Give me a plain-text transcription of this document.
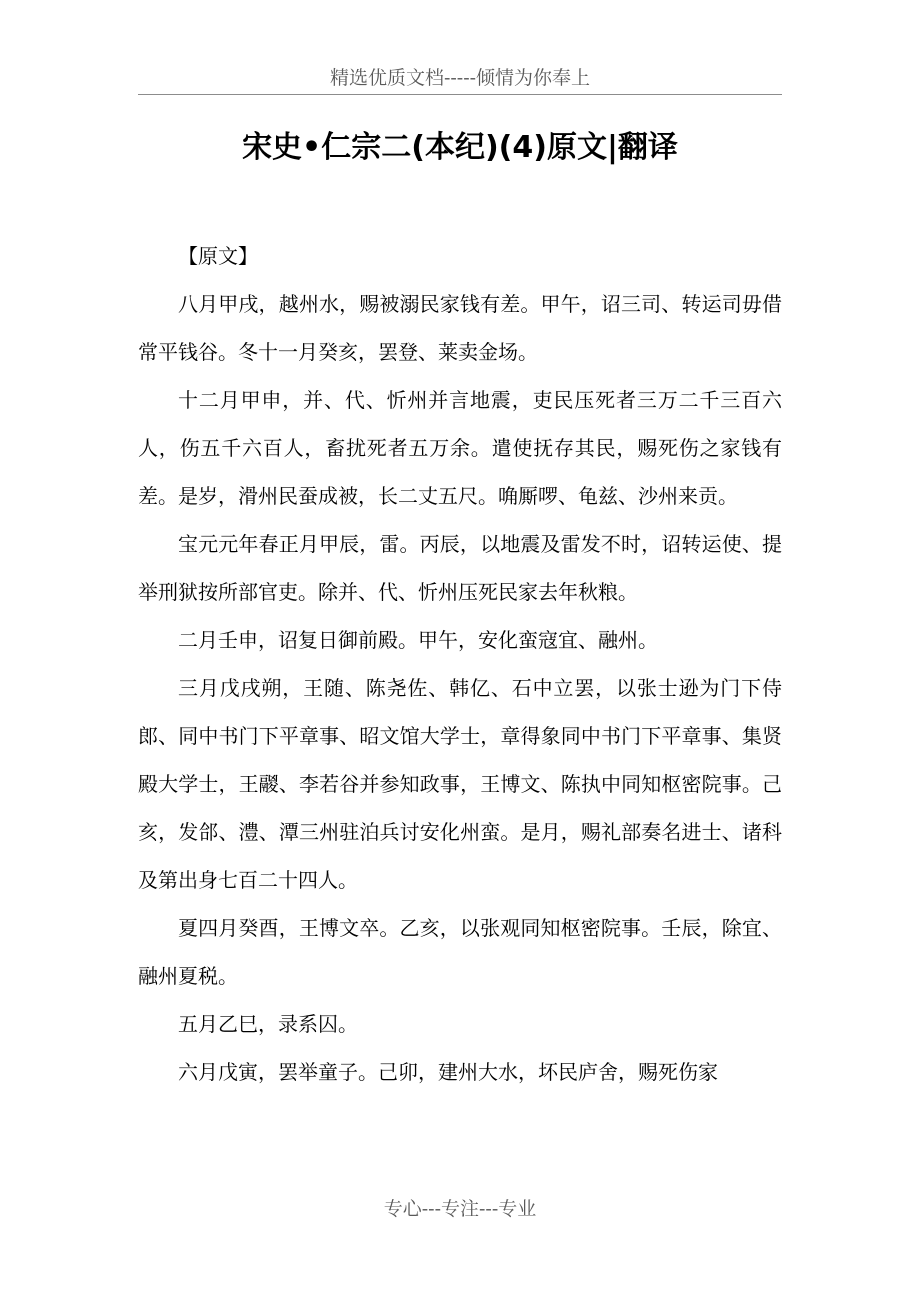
精选优质文档-----倾情为你奉上
宋史•仁宗二(本纪)(4)原文|翻译

【原文】

八月甲戌，越州水，赐被溺民家钱有差。甲午，诏三司、转运司毋借常平钱谷。冬十一月癸亥，罢登、莱卖金场。

十二月甲申，并、代、忻州并言地震，吏民压死者三万二千三百六人，伤五千六百人，畜扰死者五万余。遣使抚存其民，赐死伤之家钱有差。是岁，滑州民蚕成被，长二丈五尺。唃厮啰、龟兹、沙州来贡。

宝元元年春正月甲辰，雷。丙辰，以地震及雷发不时，诏转运使、提举刑狱按所部官吏。除并、代、忻州压死民家去年秋粮。

二月壬申，诏复日御前殿。甲午，安化蛮寇宜、融州。

三月戊戌朔，王随、陈尧佐、韩亿、石中立罢，以张士逊为门下侍郎、同中书门下平章事、昭文馆大学士，章得象同中书门下平章事、集贤殿大学士，王鬷、李若谷并参知政事，王博文、陈执中同知枢密院事。己亥，发郃、澧、潭三州驻泊兵讨安化州蛮。是月，赐礼部奏名进士、诸科及第出身七百二十四人。

夏四月癸酉，王博文卒。乙亥，以张观同知枢密院事。壬辰，除宜、融州夏税。

五月乙巳，录系囚。

六月戊寅，罢举童子。己卯，建州大水，坏民庐舍，赐死伤家

专心---专注---专业
